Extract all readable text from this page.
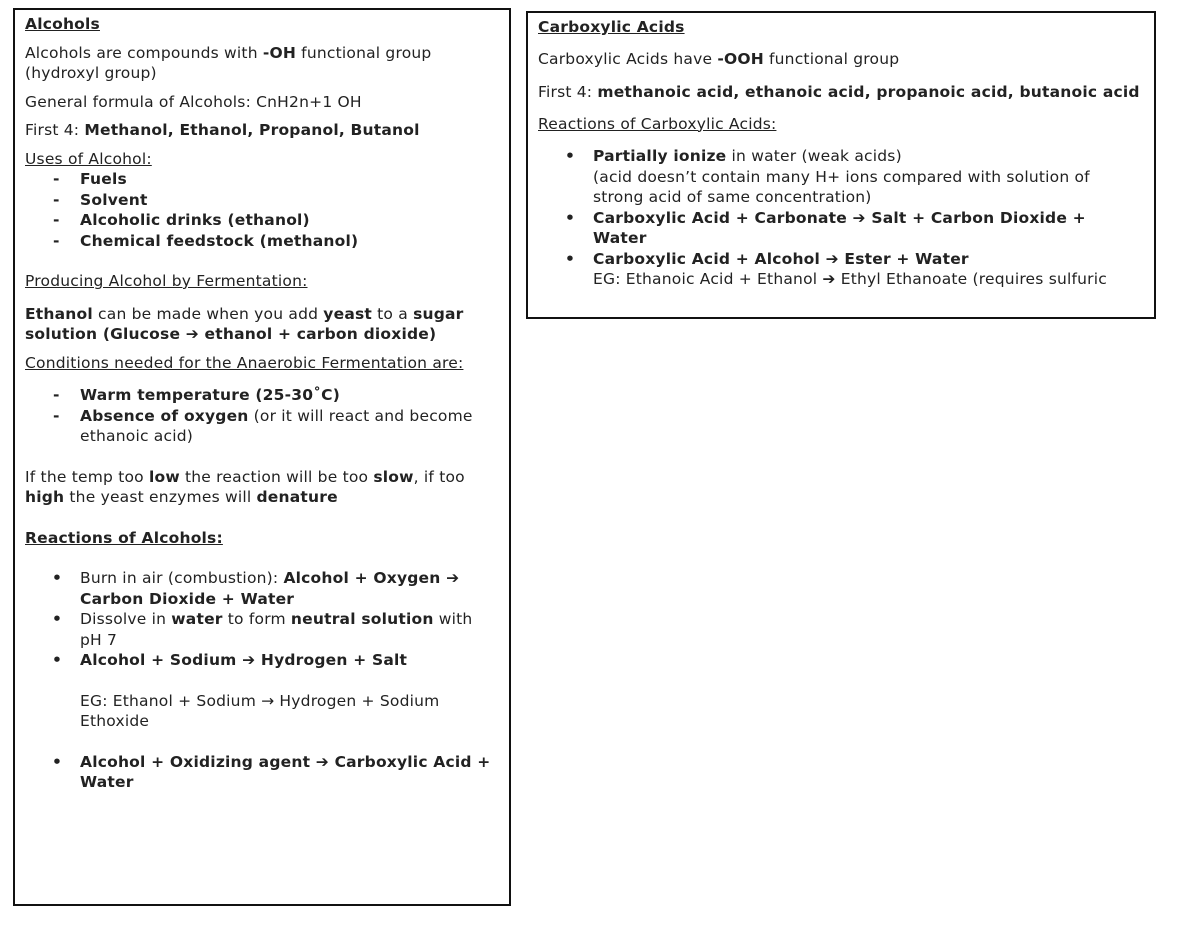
Alcohols

Alcohols are compounds with -OH functional group (hydroxyl group)

General formula of Alcohols: CnH2n+1 OH

First 4: Methanol, Ethanol, Propanol, Butanol

Uses of Alcohol:

- Fuels
- Solvent
- Alcoholic drinks (ethanol)
- Chemical feedstock (methanol)

Producing Alcohol by Fermentation:

Ethanol can be made when you add yeast to a sugar solution (Glucose ➔ ethanol + carbon dioxide)

Conditions needed for the Anaerobic Fermentation are:

- Warm temperature (25-30˚C)
- Absence of oxygen (or it will react and become ethanoic acid)

If the temp too low the reaction will be too slow, if too high the yeast enzymes will denature

Reactions of Alcohols:

• Burn in air (combustion): Alcohol + Oxygen ➔ Carbon Dioxide + Water
• Dissolve in water to form neutral solution with pH 7
• Alcohol + Sodium ➔ Hydrogen + Salt
EG: Ethanol + Sodium → Hydrogen + Sodium Ethoxide
• Alcohol + Oxidizing agent ➔ Carboxylic Acid + Water

Carboxylic Acids

Carboxylic Acids have -OOH functional group

First 4: methanoic acid, ethanoic acid, propanoic acid, butanoic acid

Reactions of Carboxylic Acids:

• Partially ionize in water (weak acids)
(acid doesn’t contain many H+ ions compared with solution of strong acid of same concentration)
• Carboxylic Acid + Carbonate ➔ Salt + Carbon Dioxide + Water
• Carboxylic Acid + Alcohol ➔ Ester + Water
EG: Ethanoic Acid + Ethanol ➔ Ethyl Ethanoate (requires sulfuric
